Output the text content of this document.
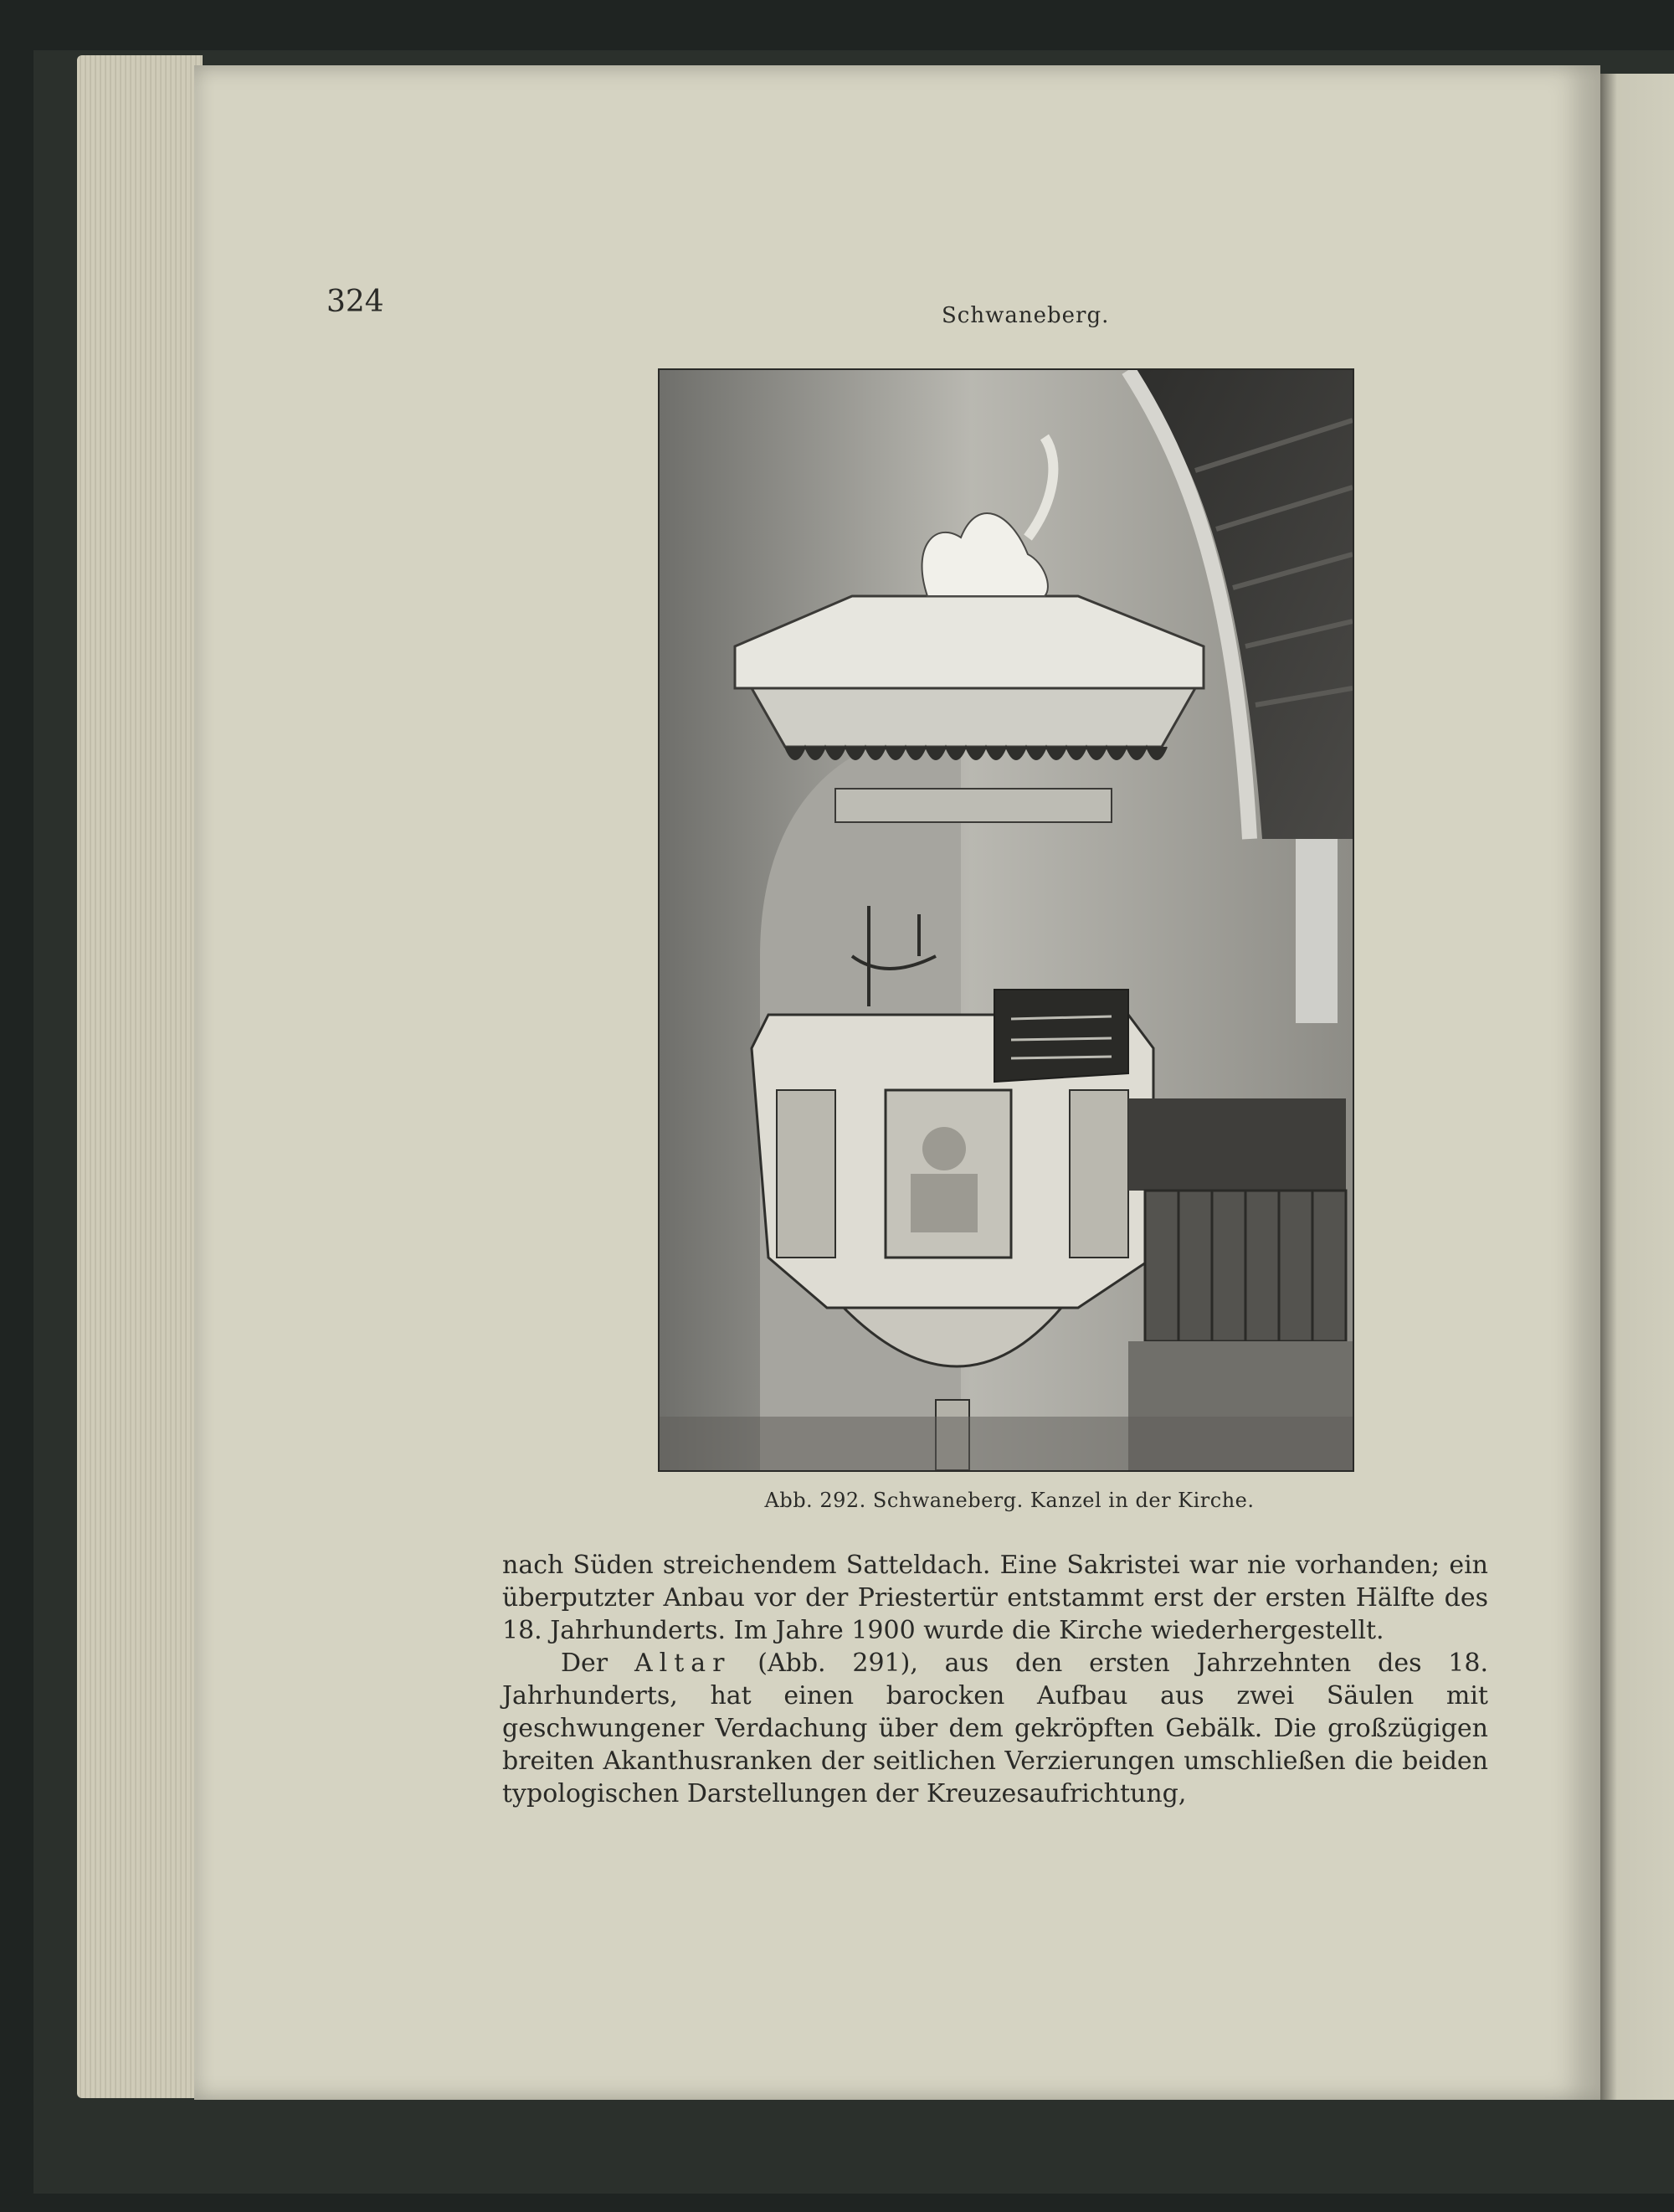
324	Schwaneberg.
Abb. 292. Schwaneberg. Kanzel in der Kirche.

nach Süden streichendem Satteldach. Eine Sakristei war nie vorhanden; ein überputzter Anbau vor der Priestertür entstammt erst der ersten Hälfte des 18. Jahrhunderts. Im Jahre 1900 wurde die Kirche wiederhergestellt.

Der Altar (Abb. 291), aus den ersten Jahrzehnten des 18. Jahrhunderts, hat einen barocken Aufbau aus zwei Säulen mit geschwungener Verdachung über dem gekröpften Gebälk. Die großzügigen breiten Akanthusranken der seitlichen Verzierungen umschließen die beiden typologischen Darstellungen der Kreuzesaufrichtung,
